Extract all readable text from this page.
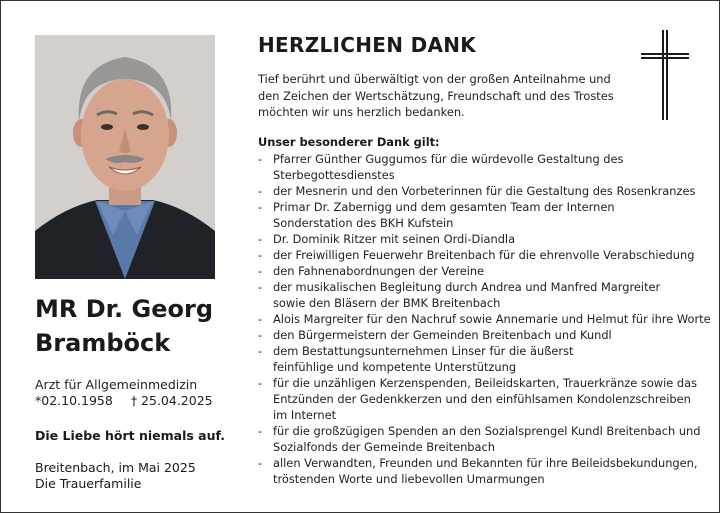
MR Dr. Georg
Bramböck
Arzt für Allgemeinmedizin
*02.10.1958 † 25.04.2025
Die Liebe hört niemals auf.
Breitenbach, im Mai 2025
Die Trauerfamilie
HERZLICHEN DANK
Tief berührt und überwältigt von der großen Anteilnahme und
den Zeichen der Wertschätzung, Freundschaft und des Trostes
möchten wir uns herzlich bedanken.
Unser besonderer Dank gilt:
- Pfarrer Günther Guggumos für die würdevolle Gestaltung des
Sterbegottesdienstes
- der Mesnerin und den Vorbeterinnen für die Gestaltung des Rosenkranzes
- Primar Dr. Zabernigg und dem gesamten Team der Internen
Sonderstation des BKH Kufstein
- Dr. Dominik Ritzer mit seinen Ordi-Diandla
- der Freiwilligen Feuerwehr Breitenbach für die ehrenvolle Verabschiedung
- den Fahnenabordnungen der Vereine
- der musikalischen Begleitung durch Andrea und Manfred Margreiter
sowie den Bläsern der BMK Breitenbach
- Alois Margreiter für den Nachruf sowie Annemarie und Helmut für ihre Worte
- den Bürgermeistern der Gemeinden Breitenbach und Kundl
- dem Bestattungsunternehmen Linser für die äußerst
feinfühlige und kompetente Unterstützung
- für die unzähligen Kerzenspenden, Beileidskarten, Trauerkränze sowie das
Entzünden der Gedenkkerzen und den einfühlsamen Kondolenzschreiben
im Internet
- für die großzügigen Spenden an den Sozialsprengel Kundl Breitenbach und
Sozialfonds der Gemeinde Breitenbach
- allen Verwandten, Freunden und Bekannten für ihre Beileidsbekundungen,
tröstenden Worte und liebevollen Umarmungen
